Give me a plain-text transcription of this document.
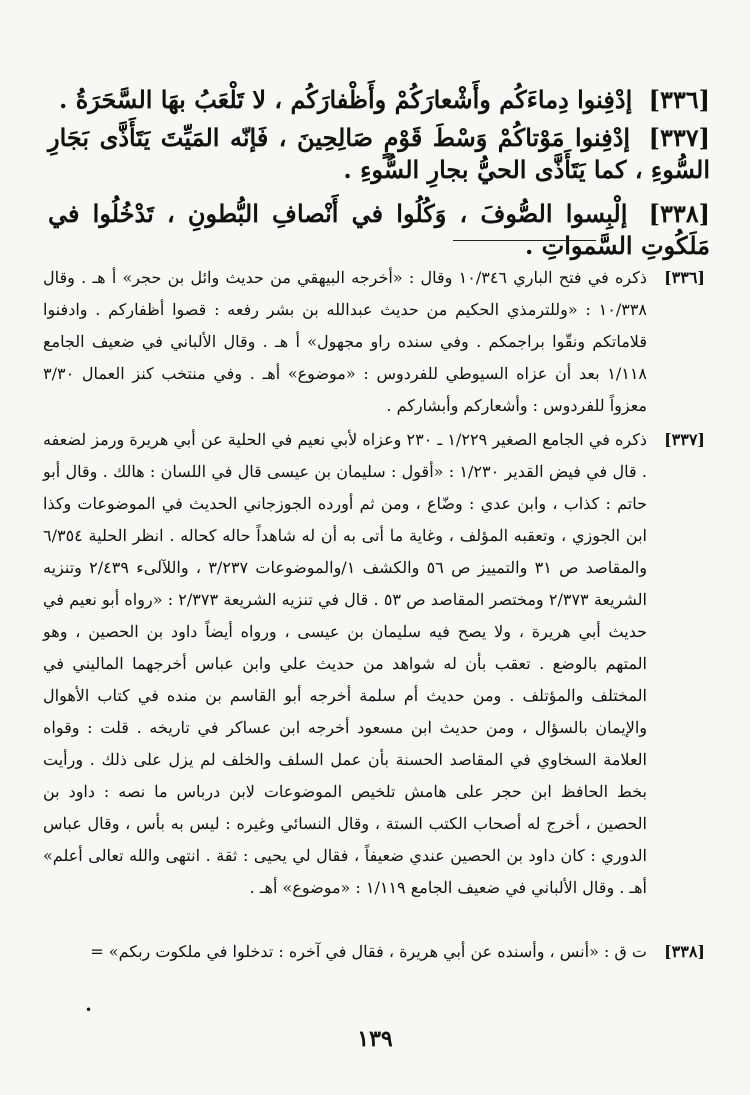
[٣٣٦] إدْفِنوا دِماءَكُم وأَشْعارَكُمْ وأَظْفارَكُم ، لا تَلْعَبُ بهَا السَّحَرَةُ .
[٣٣٧] إدْفِنوا مَوْتاكُمْ وَسْطَ قَوْمٍ صَالِحِينَ ، فَإنّه المَيِّتَ يَتَأَذَّى بَجَارِ السُّوءِ ، كما يَتَأَذَّى الحيُّ بجارِ السُّوءِ .
[٣٣٨] إلْبِسوا الصُّوفَ ، وَكُلُوا في أَنْصافِ البُّطونِ ، تَدْخُلُوا في مَلَكُوتِ السَّمواتِ .
[٣٣٦]
ذكره في فتح الباري ١٠/٣٤٦ وقال : «أخرجه البيهقي من حديث وائل بن حجر» أ هـ . وقال ١٠/٣٣٨ : «وللترمذي الحكيم من حديث عبدالله بن بشر رفعه : قصوا أظفاركم . وادفنوا قلاماتكم ونقّوا براجمكم . وفي سنده راو مجهول» أ هـ . وقال الألباني في ضعيف الجامع ١/١١٨ بعد أن عزاه السيوطي للفردوس : «موضوع» أهـ . وفي منتخب كنز العمال ٣/٣٠ معزواً للفردوس : وأشعاركم وأبشاركم .
[٣٣٧]
ذكره في الجامع الصغير ١/٢٢٩ ـ ٢٣٠ وعزاه لأبي نعيم في الحلية عن أبي هريرة ورمز لضعفه . قال في فيض القدير ١/٢٣٠ : «أقول : سليمان بن عيسى قال في اللسان : هالك . وقال أبو حاتم : كذاب ، وابن عدي : وضّاع ، ومن ثم أورده الجوزجاني الحديث في الموضوعات وكذا ابن الجوزي ، وتعقبه المؤلف ، وغاية ما أتى به أن له شاهداً حاله كحاله . انظر الحلية ٦/٣٥٤ والمقاصد ص ٣١ والتمييز ص ٥٦ والكشف ١/والموضوعات ٣/٢٣٧ ، واللآلىء ٢/٤٣٩ وتنزيه الشريعة ٢/٣٧٣ ومختصر المقاصد ص ٥٣ . قال في تنزيه الشريعة ٢/٣٧٣ : «رواه أبو نعيم في حديث أبي هريرة ، ولا يصح فيه سليمان بن عيسى ، ورواه أيضاً داود بن الحصين ، وهو المتهم بالوضع . تعقب بأن له شواهد من حديث علي وابن عباس أخرجهما الماليني في المختلف والمؤتلف . ومن حديث أم سلمة أخرجه أبو القاسم بن منده في كتاب الأهوال والإيمان بالسؤال ، ومن حديث ابن مسعود أخرجه ابن عساكر في تاريخه . قلت : وقواه العلامة السخاوي في المقاصد الحسنة بأن عمل السلف والخلف لم يزل على ذلك . ورأيت بخط الحافظ ابن حجر على هامش تلخيص الموضوعات لابن درباس ما نصه : داود بن الحصين ، أخرج له أصحاب الكتب الستة ، وقال النسائي وغيره : ليس به بأس ، وقال عباس الدوري : كان داود بن الحصين عندي ضعيفاً ، فقال لي يحيى : ثقة . انتهى والله تعالى أعلم» أهـ . وقال الألباني في ضعيف الجامع ١/١١٩ : «موضوع» أهـ .
[٣٣٨]
ت ق : «أنس ، وأسنده عن أبي هريرة ، فقال في آخره : تدخلوا في ملكوت ربكم» =
•
١٣٩
